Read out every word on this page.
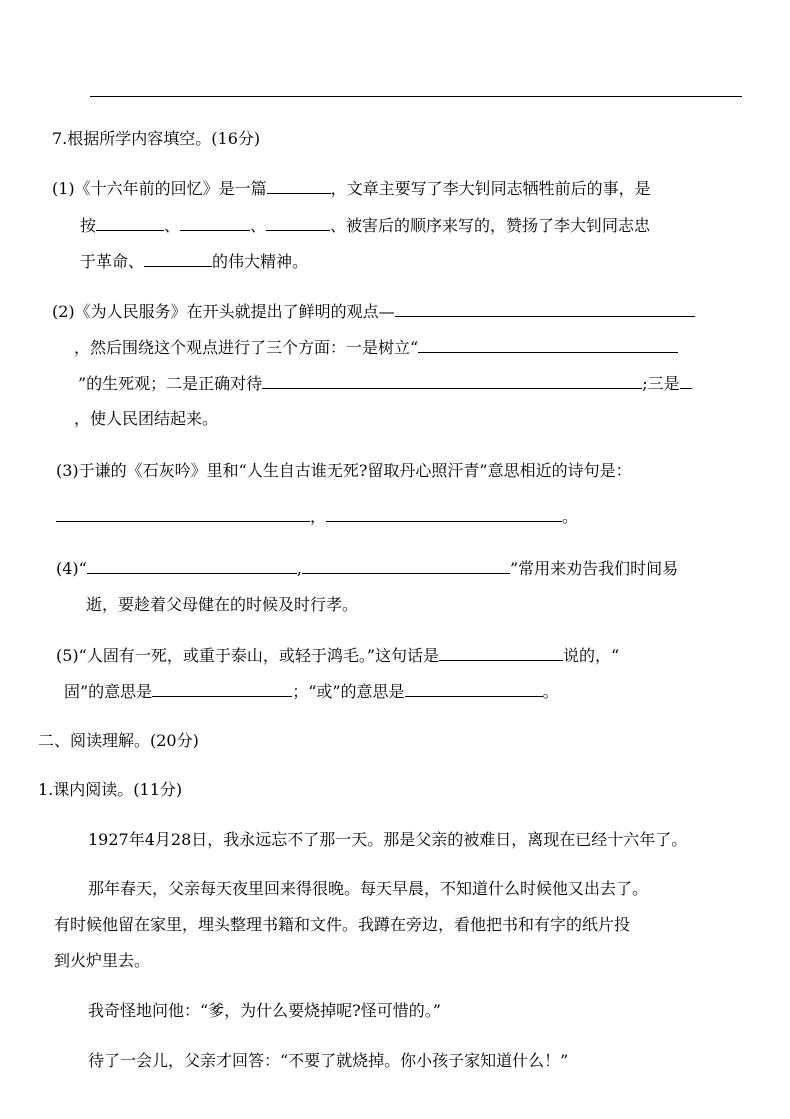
7.根据所学内容填空。(16分)
(1)《十六年前的回忆》是一篇	，文章主要写了李大钊同志牺牲前后的事，是
按	、	、	、被害后的顺序来写的，赞扬了李大钊同志忠
于革命、	的伟大精神。
(2)《为人民服务》在开头就提出了鲜明的观点—
，然后围绕这个观点进行了三个方面：一是树立“
”的生死观；二是正确对待	;三是
，使人民团结起来。
(3)于谦的《石灰吟》里和“人生自古谁无死?留取丹心照汗青”意思相近的诗句是：
，	。
(4)“	,	”常用来劝告我们时间易
逝，要趁着父母健在的时候及时行孝。
(5)“人固有一死，或重于泰山，或轻于鸿毛。”这句话是	说的，“
固”的意思是	；“或”的意思是	。
二、阅读理解。(20分)
1.课内阅读。(11分)
1927年4月28日，我永远忘不了那一天。那是父亲的被难日，离现在已经十六年了。
那年春天，父亲每天夜里回来得很晚。每天早晨，不知道什么时候他又出去了。
有时候他留在家里，埋头整理书籍和文件。我蹲在旁边，看他把书和有字的纸片投
到火炉里去。
我奇怪地问他：“爹，为什么要烧掉呢?怪可惜的。”
待了一会儿，父亲才回答：“不要了就烧掉。你小孩子家知道什么！”
